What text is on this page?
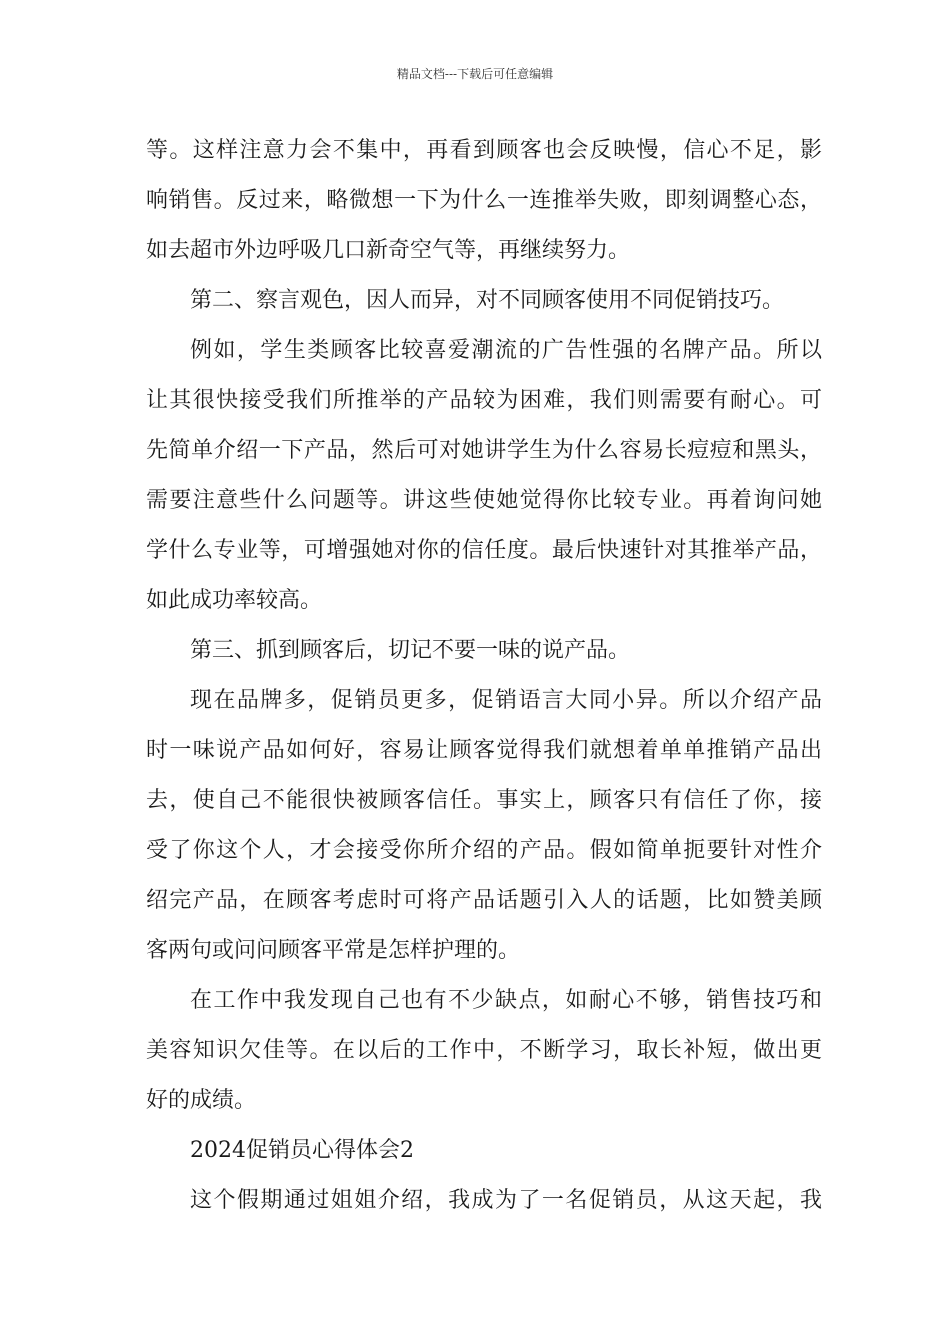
精品文档---下载后可任意编辑
等。这样注意力会不集中，再看到顾客也会反映慢，信心不足，影
响销售。反过来，略微想一下为什么一连推举失败，即刻调整心态，
如去超市外边呼吸几口新奇空气等，再继续努力。
第二、察言观色，因人而异，对不同顾客使用不同促销技巧。
例如，学生类顾客比较喜爱潮流的广告性强的名牌产品。所以
让其很快接受我们所推举的产品较为困难，我们则需要有耐心。可
先简单介绍一下产品，然后可对她讲学生为什么容易长痘痘和黑头，
需要注意些什么问题等。讲这些使她觉得你比较专业。再着询问她
学什么专业等，可增强她对你的信任度。最后快速针对其推举产品，
如此成功率较高。
第三、抓到顾客后，切记不要一味的说产品。
现在品牌多，促销员更多，促销语言大同小异。所以介绍产品
时一味说产品如何好，容易让顾客觉得我们就想着单单推销产品出
去，使自己不能很快被顾客信任。事实上，顾客只有信任了你，接
受了你这个人，才会接受你所介绍的产品。假如简单扼要针对性介
绍完产品，在顾客考虑时可将产品话题引入人的话题，比如赞美顾
客两句或问问顾客平常是怎样护理的。
在工作中我发现自己也有不少缺点，如耐心不够，销售技巧和
美容知识欠佳等。在以后的工作中，不断学习，取长补短，做出更
好的成绩。
2024促销员心得体会2
这个假期通过姐姐介绍，我成为了一名促销员，从这天起，我
